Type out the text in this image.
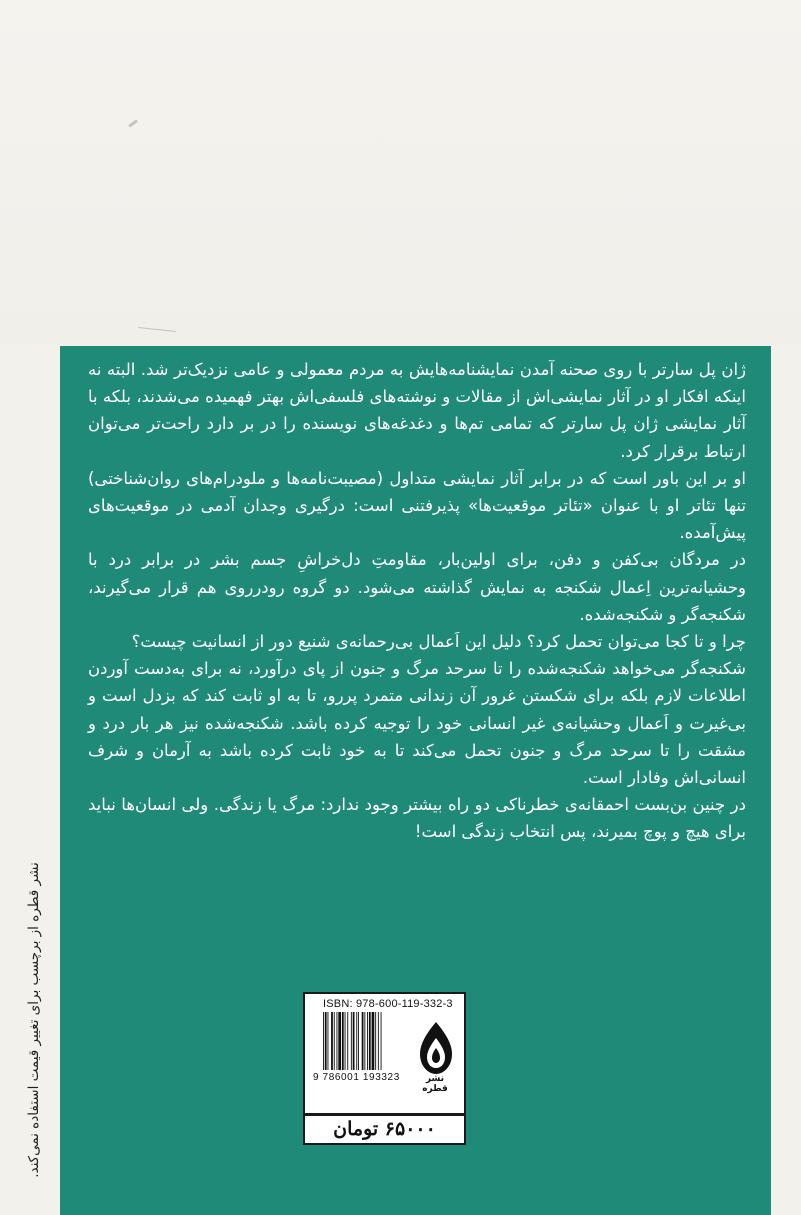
ژان پل سارتر با روی صحنه آمدن نمایشنامه‌هایش به مردم معمولی و عامی نزدیک‌تر شد. البته نه اینکه افکار او در آثار نمایشی‌اش از مقالات و نوشته‌های فلسفی‌اش بهتر فهمیده می‌شدند، بلکه با آثار نمایشی ژان پل سارتر که تمامی تم‌ها و دغدغه‌های نویسنده را در بر دارد راحت‌تر می‌توان ارتباط برقرار کرد.

او بر این باور است که در برابر آثار نمایشی متداول (مصیبت‌نامه‌ها و ملودرام‌های روان‌شناختی) تنها تئاتر او با عنوان «تئاتر موقعیت‌ها» پذیرفتنی است: درگیری وجدان آدمی در موقعیت‌های پیش‌آمده.

در مردگان بی‌کفن و دفن، برای اولین‌بار، مقاومتِ دل‌خراشِ جسم بشر در برابر درد با وحشیانه‌ترین اِعمال شکنجه به نمایش گذاشته می‌شود. دو گروه رودرروی هم قرار می‌گیرند، شکنجه‌گر و شکنجه‌شده.

چرا و تا کجا می‌توان تحمل کرد؟ دلیل این اَعمال بی‌رحمانه‌ی شنیع دور از انسانیت چیست؟

شکنجه‌گر می‌خواهد شکنجه‌شده را تا سرحد مرگ و جنون از پای درآورد، نه برای به‌دست آوردن اطلاعات لازم بلکه برای شکستن غرور آن زندانی متمرد پررو، تا به او ثابت کند که بزدل است و بی‌غیرت و اَعمال وحشیانه‌ی غیر انسانی خود را توجیه کرده باشد. شکنجه‌شده نیز هر بار درد و مشقت را تا سرحد مرگ و جنون تحمل می‌کند تا به خود ثابت کرده باشد به آرمان و شرف انسانی‌اش وفادار است.

در چنین بن‌بست احمقانه‌ی خطرناکی دو راه بیشتر وجود ندارد: مرگ یا زندگی. ولی انسان‌ها نباید برای هیچ و پوچ بمیرند، پس انتخاب زندگی است!

ISBN: 978-600-119-332-3
9 786001 193323	نشر قطره
۶۵۰۰۰ تومان
نشر قطره از برچسب برای تغییر قیمت استفاده نمی‌کند.
